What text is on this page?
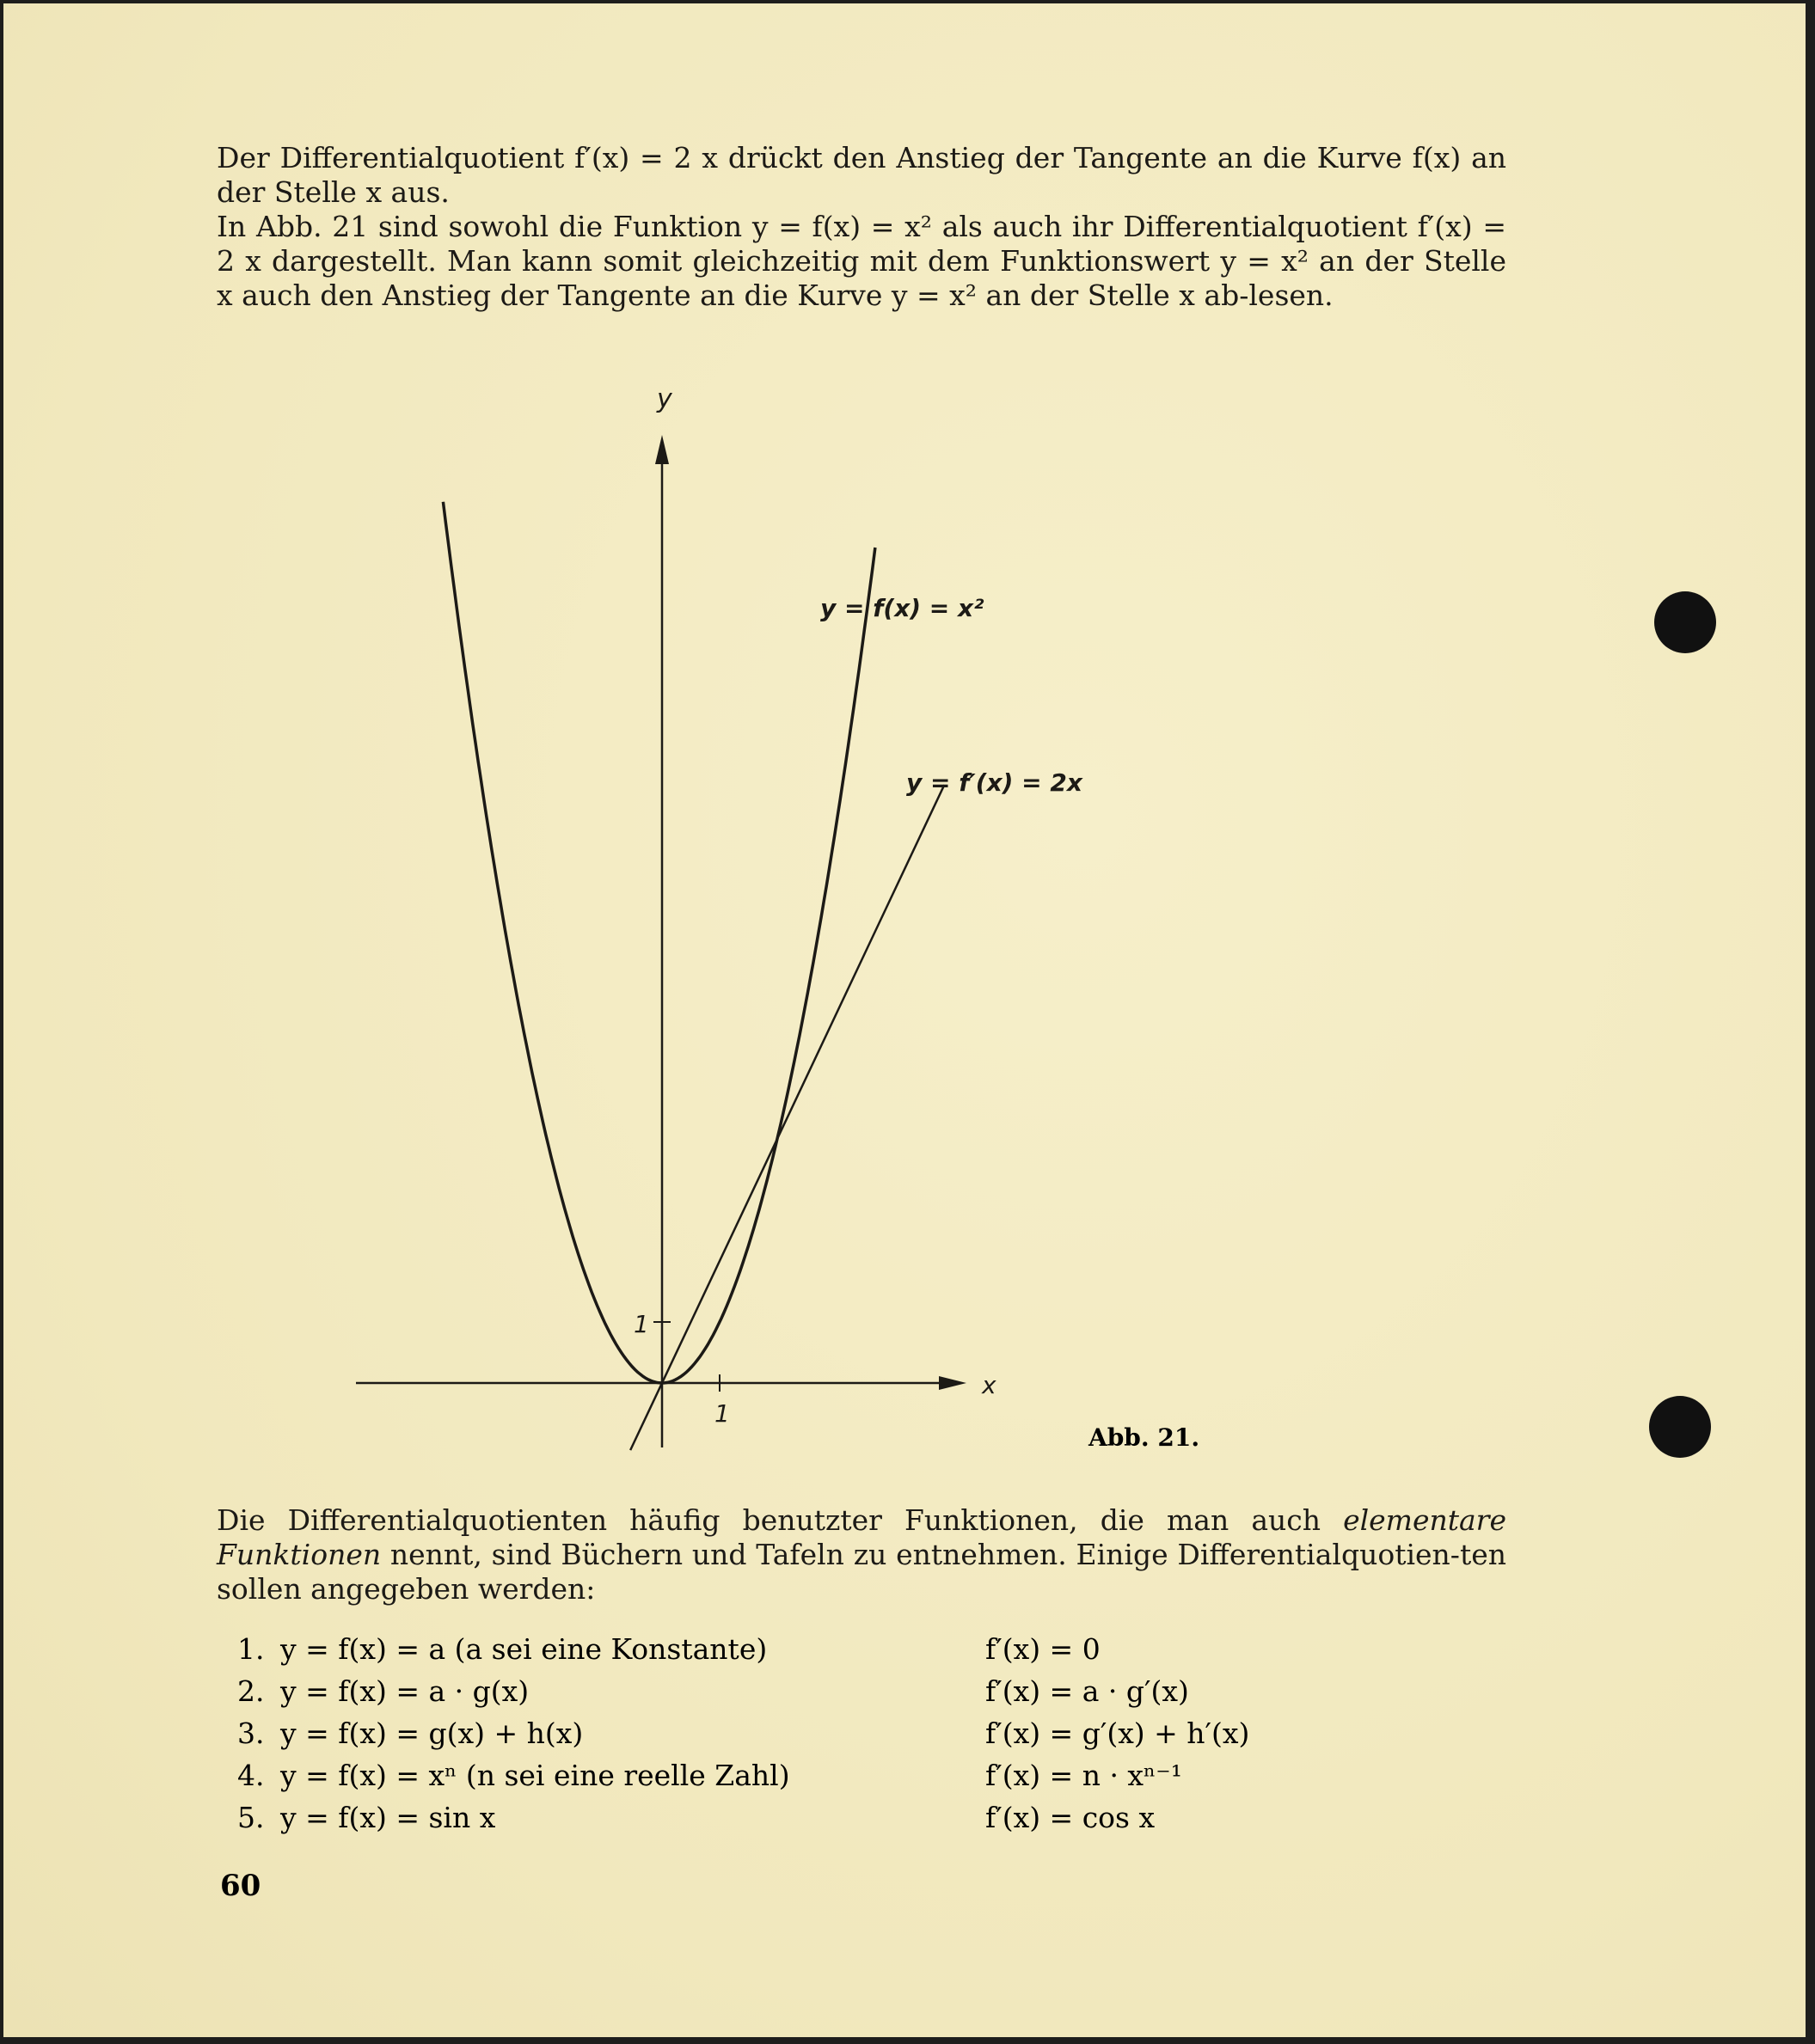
Der Differentialquotient f′(x) = 2 x drückt den Anstieg der Tangente an die Kurve f(x) an der Stelle x aus.

In Abb. 21 sind sowohl die Funktion y = f(x) = x² als auch ihr Differentialquotient f′(x) = 2 x dargestellt. Man kann somit gleichzeitig mit dem Funktionswert y = x² an der Stelle x auch den Anstieg der Tangente an die Kurve y = x² an der Stelle x ab-lesen.

y
x
1
1
y = f(x) = x²
y = f′(x) = 2x
Abb. 21.
Die Differentialquotienten häufig benutzter Funktionen, die man auch elementare Funktionen nennt, sind Büchern und Tafeln zu entnehmen. Einige Differentialquotien-ten sollen angegeben werden:
1. y = f(x) = a (a sei eine Konstante)	f′(x) = 0
2. y = f(x) = a · g(x)	f′(x) = a · g′(x)
3. y = f(x) = g(x) + h(x)	f′(x) = g′(x) + h′(x)
4. y = f(x) = xⁿ (n sei eine reelle Zahl)	f′(x) = n · xⁿ⁻¹
5. y = f(x) = sin x	f′(x) = cos x
60
